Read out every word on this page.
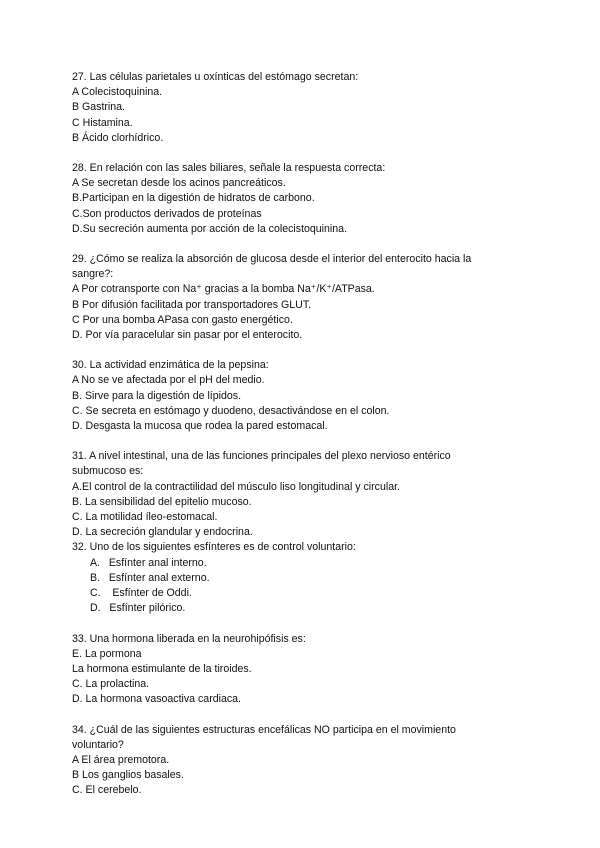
27. Las células parietales u oxínticas del estómago secretan:
A Colecistoquinina.
B Gastrina.
C Histamina.
B Ácido clorhídrico.
28. En relación con las sales biliares, señale la respuesta correcta:
A Se secretan desde los acinos pancreáticos.
B.Participan en la digestión de hidratos de carbono.
C.Son productos derivados de proteínas
D.Su secreción aumenta por acción de la colecistoquinina.
29. ¿Cómo se realiza la absorción de glucosa desde el interior del enterocito hacia la
sangre?:
A Por cotransporte con Na⁺ gracias a la bomba Na⁺/K⁺/ATPasa.
B Por difusión facilitada por transportadores GLUT.
C Por una bomba APasa con gasto energético.
D. Por vía paracelular sin pasar por el enterocito.
30. La actividad enzimática de la pepsina:
A No se ve afectada por el pH del medio.
B. Sirve para la digestión de lípidos.
C. Se secreta en estómago y duodeno, desactivándose en el colon.
D. Desgasta la mucosa que rodea la pared estomacal.
31. A nivel intestinal, una de las funciones principales del plexo nervioso entérico
submucoso es:
A.El control de la contractilidad del músculo liso longitudinal y circular.
B. La sensibilidad del epitelio mucoso.
C. La motilidad íleo-estomacal.
D. La secreción glandular y endocrina.
32. Uno de los siguientes esfínteres es de control voluntario:
A.   Esfínter anal interno.
B.   Esfínter anal externo.
C.    Esfínter de Oddi.
D.   Esfínter pilórico.
33. Una hormona liberada en la neurohipófisis es:
E. La pormona
La hormona estimulante de la tiroides.
C. La prolactina.
D. La hormona vasoactiva cardiaca.
34. ¿Cuál de las siguientes estructuras encefálicas NO participa en el movimiento
voluntario?
A El área premotora.
B Los ganglios basales.
C. El cerebelo.
